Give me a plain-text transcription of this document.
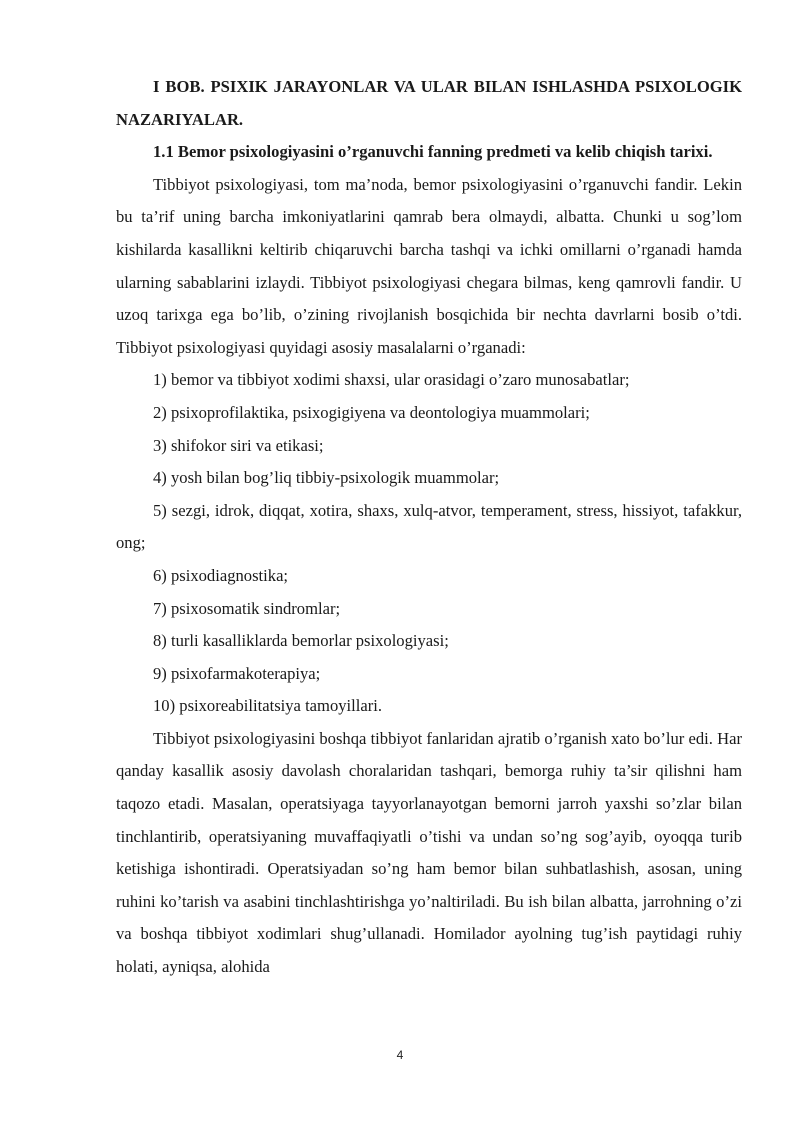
I BOB. PSIXIK JARAYONLAR VA ULAR BILAN ISHLASHDA PSIXOLOGIK NAZARIYALAR.

1.1 Bemor psixologiyasini o’rganuvchi fanning predmeti va kelib chiqish tarixi.

Tibbiyot psixologiyasi, tom ma’noda, bemor psixologiyasini o’rganuvchi fandir. Lekin bu ta’rif uning barcha imkoniyatlarini qamrab bera olmaydi, albatta. Chunki u sog’lom kishilarda kasallikni keltirib chiqaruvchi barcha tashqi va ichki omillarni o’rganadi hamda ularning sabablarini izlaydi. Tibbiyot psixologiyasi chegara bilmas, keng qamrovli fandir. U uzoq tarixga ega bo’lib, o’zining rivojlanish bosqichida bir nechta davrlarni bosib o’tdi. Tibbiyot psixologiyasi quyidagi asosiy masalalarni o’rganadi:

1) bemor va tibbiyot xodimi shaxsi, ular orasidagi o’zaro munosabatlar;

2) psixoprofilaktika, psixogigiyena va deontologiya muammolari;

3) shifokor siri va etikasi;

4) yosh bilan bog’liq tibbiy-psixologik muammolar;

5) sezgi, idrok, diqqat, xotira, shaxs, xulq-atvor, temperament, stress, hissiyot, tafakkur, ong;

6) psixodiagnostika;

7) psixosomatik sindromlar;

8) turli kasalliklarda bemorlar psixologiyasi;

9) psixofarmakoterapiya;

10) psixoreabilitatsiya tamoyillari.

Tibbiyot psixologiyasini boshqa tibbiyot fanlaridan ajratib o’rganish xato bo’lur edi. Har qanday kasallik asosiy davolash choralaridan tashqari, bemorga ruhiy ta’sir qilishni ham taqozo etadi. Masalan, operatsiyaga tayyorlanayotgan bemorni jarroh yaxshi so’zlar bilan tinchlantirib, operatsiyaning muvaffaqiyatli o’tishi va undan so’ng sog’ayib, oyoqqa turib ketishiga ishontiradi. Operatsiyadan so’ng ham bemor bilan suhbatlashish, asosan, uning ruhini ko’tarish va asabini tinchlashtirishga yo’naltiriladi. Bu ish bilan albatta, jarrohning o’zi va boshqa tibbiyot xodimlari shug’ullanadi. Homilador ayolning tug’ish paytidagi ruhiy holati, ayniqsa, alohida

4
